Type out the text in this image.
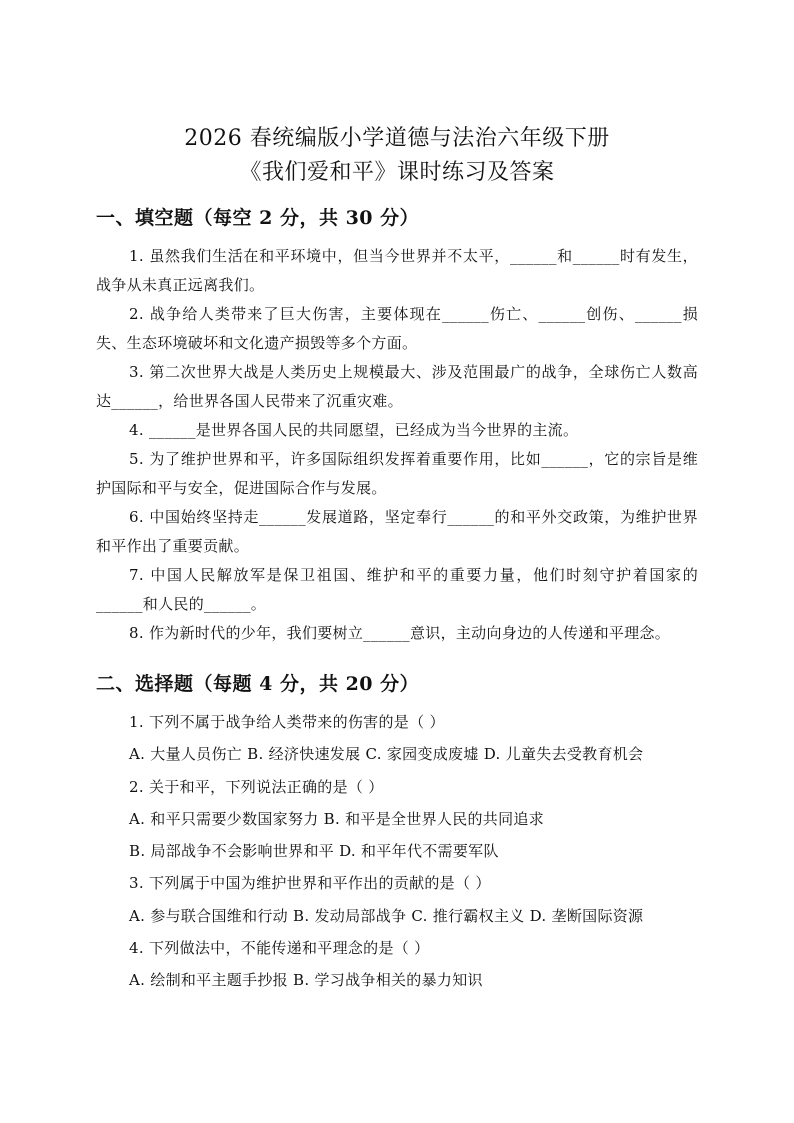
2026 春统编版小学道德与法治六年级下册
《我们爱和平》课时练习及答案
一、填空题（每空 2 分，共 30 分）

1. 虽然我们生活在和平环境中，但当今世界并不太平，______和______时有发生，战争从未真正远离我们。

2. 战争给人类带来了巨大伤害，主要体现在______伤亡、______创伤、______损失、生态环境破坏和文化遗产损毁等多个方面。

3. 第二次世界大战是人类历史上规模最大、涉及范围最广的战争，全球伤亡人数高达______，给世界各国人民带来了沉重灾难。

4. ______是世界各国人民的共同愿望，已经成为当今世界的主流。

5. 为了维护世界和平，许多国际组织发挥着重要作用，比如______，它的宗旨是维护国际和平与安全，促进国际合作与发展。

6. 中国始终坚持走______发展道路，坚定奉行______的和平外交政策，为维护世界和平作出了重要贡献。

7. 中国人民解放军是保卫祖国、维护和平的重要力量，他们时刻守护着国家的______和人民的______。

8. 作为新时代的少年，我们要树立______意识，主动向身边的人传递和平理念。

二、选择题（每题 4 分，共 20 分）

1. 下列不属于战争给人类带来的伤害的是（ ）

A. 大量人员伤亡 B. 经济快速发展 C. 家园变成废墟 D. 儿童失去受教育机会

2. 关于和平，下列说法正确的是（ ）

A. 和平只需要少数国家努力 B. 和平是全世界人民的共同追求

B. 局部战争不会影响世界和平 D. 和平年代不需要军队

3. 下列属于中国为维护世界和平作出的贡献的是（ ）

A. 参与联合国维和行动 B. 发动局部战争 C. 推行霸权主义 D. 垄断国际资源

4. 下列做法中，不能传递和平理念的是（ ）

A. 绘制和平主题手抄报 B. 学习战争相关的暴力知识
